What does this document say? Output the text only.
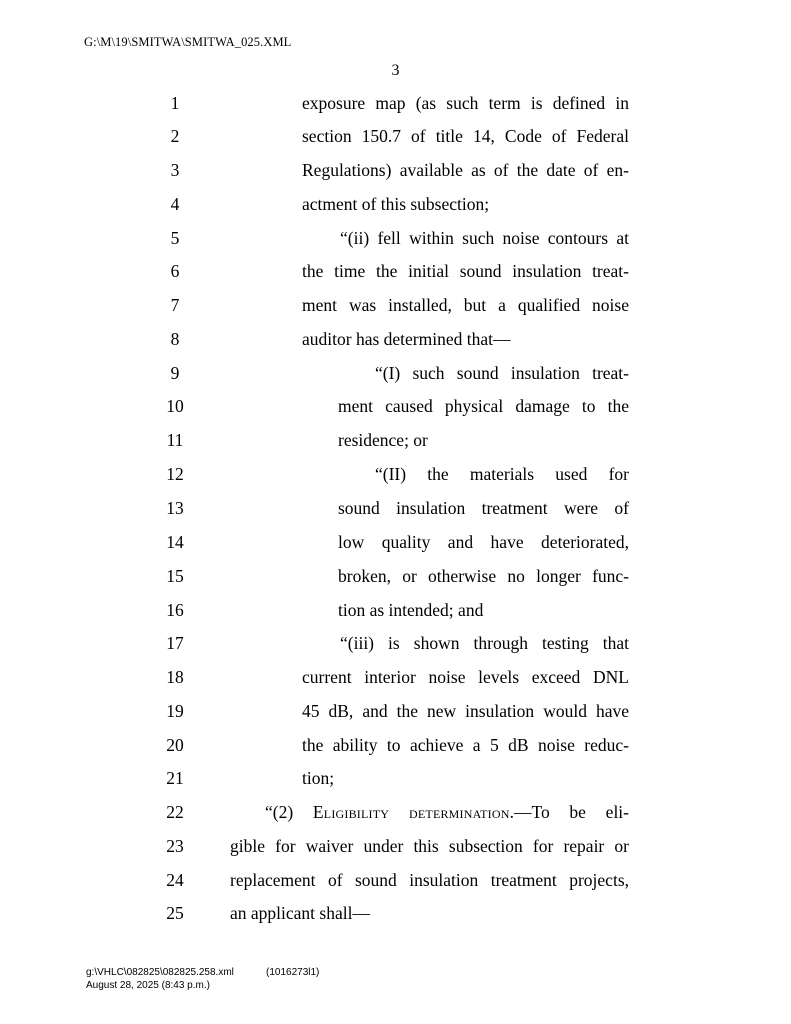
G:\M\19\SMITWA\SMITWA_025.XML
3
1	exposure map (as such term is defined in
2	section 150.7 of title 14, Code of Federal
3	Regulations) available as of the date of en-
4	actment of this subsection;
5	“(ii) fell within such noise contours at
6	the time the initial sound insulation treat-
7	ment was installed, but a qualified noise
8	auditor has determined that—
9	“(I) such sound insulation treat-
10	ment caused physical damage to the
11	residence; or
12	“(II) the materials used for
13	sound insulation treatment were of
14	low quality and have deteriorated,
15	broken, or otherwise no longer func-
16	tion as intended; and
17	“(iii) is shown through testing that
18	current interior noise levels exceed DNL
19	45 dB, and the new insulation would have
20	the ability to achieve a 5 dB noise reduc-
21	tion;
22	“(2) Eligibility determination.—To be eli-
23	gible for waiver under this subsection for repair or
24	replacement of sound insulation treatment projects,
25	an applicant shall—
g:\VHLC\082825\082825.258.xml	(1016273l1)
August 28, 2025 (8:43 p.m.)
